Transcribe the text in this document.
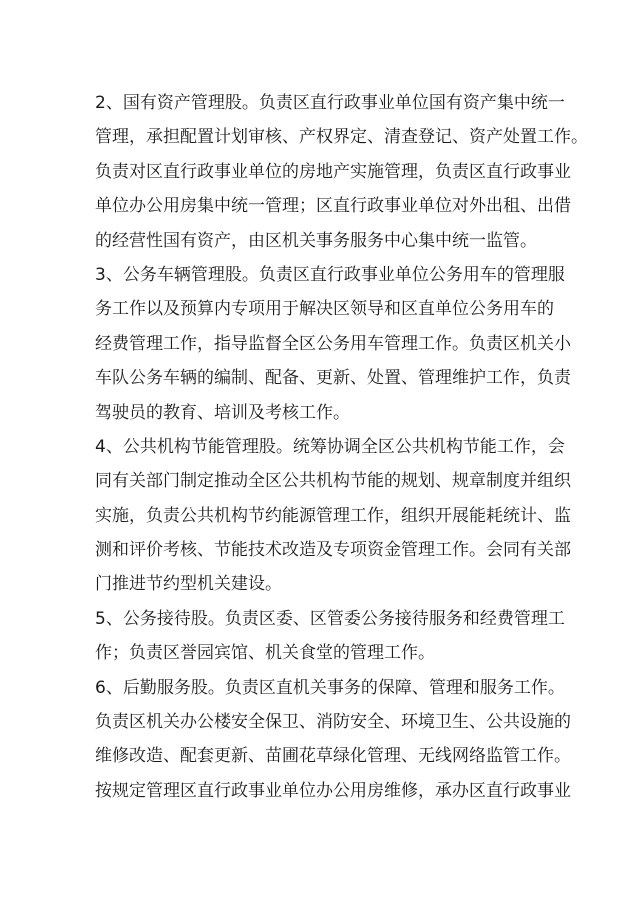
2、国有资产管理股。负责区直行政事业单位国有资产集中统一
管理，承担配置计划审核、产权界定、清查登记、资产处置工作。
负责对区直行政事业单位的房地产实施管理，负责区直行政事业
单位办公用房集中统一管理；区直行政事业单位对外出租、出借
的经营性国有资产，由区机关事务服务中心集中统一监管。
3、公务车辆管理股。负责区直行政事业单位公务用车的管理服
务工作以及预算内专项用于解决区领导和区直单位公务用车的
经费管理工作，指导监督全区公务用车管理工作。负责区机关小
车队公务车辆的编制、配备、更新、处置、管理维护工作，负责
驾驶员的教育、培训及考核工作。
4、公共机构节能管理股。统筹协调全区公共机构节能工作，会
同有关部门制定推动全区公共机构节能的规划、规章制度并组织
实施，负责公共机构节约能源管理工作，组织开展能耗统计、监
测和评价考核、节能技术改造及专项资金管理工作。会同有关部
门推进节约型机关建设。
5、公务接待股。负责区委、区管委公务接待服务和经费管理工
作；负责区誉园宾馆、机关食堂的管理工作。
6、后勤服务股。负责区直机关事务的保障、管理和服务工作。
负责区机关办公楼安全保卫、消防安全、环境卫生、公共设施的
维修改造、配套更新、苗圃花草绿化管理、无线网络监管工作。
按规定管理区直行政事业单位办公用房维修，承办区直行政事业
